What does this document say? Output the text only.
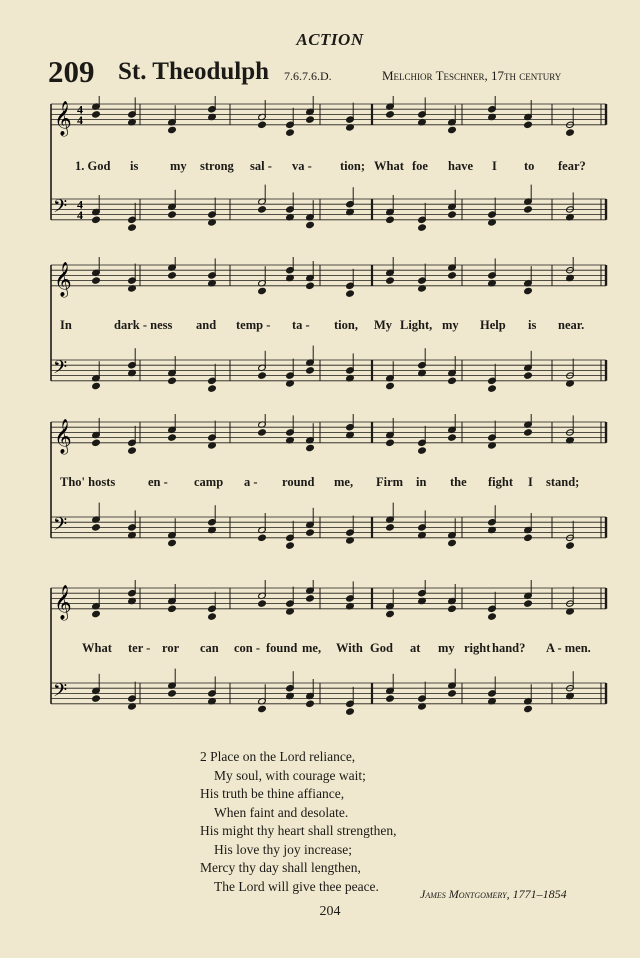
ACTION
209 St. Theodulph 7.6.7.6.D.	Melchior Teschner, 17th century
𝄞 4
4
𝄢 4
4
1. God is	my strong sal - va - tion; What foe have I to fear?
𝄞
𝄢
In	dark - ness and temp - ta - tion, My Light, my Help is near.
𝄞
𝄢
Tho' hosts	en - camp a - round me, Firm in the fight I stand;
𝄞
𝄢
What ter - ror can con - found me, With God at my right hand? A - men.
2 Place on the Lord reliance,
My soul, with courage wait;
His truth be thine affiance,
When faint and desolate.
His might thy heart shall strengthen,
His love thy joy increase;
Mercy thy day shall lengthen,
The Lord will give thee peace.
James Montgomery, 1771–1854
204
